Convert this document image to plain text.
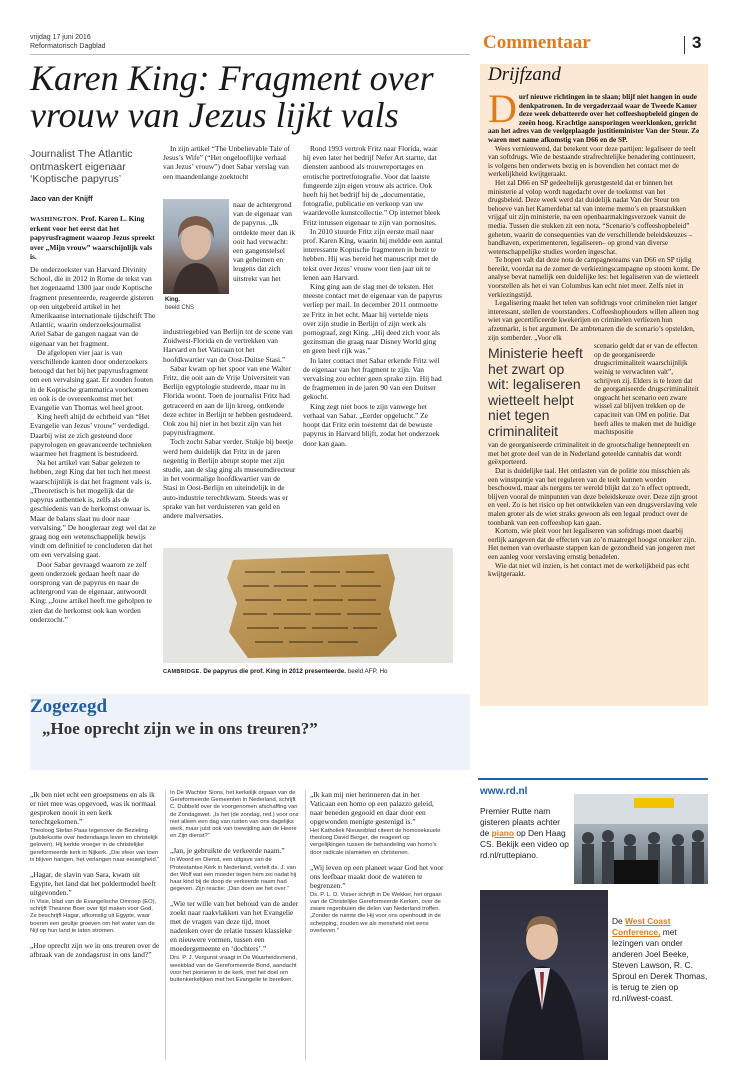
vrijdag 17 juni 2016
Reformatorisch Dagblad	Commentaar	3
Karen King: Fragment over vrouw van Jezus lijkt vals
Journalist The Atlantic ontmaskert eigenaar ‘Koptische papyrus’
Jaco van der Knijff

WASHINGTON. Prof. Karen L. King erkent voor het eerst dat het papyrusfragment waarop Jezus spreekt over „Mijn vrouw” waarschijnlijk vals is.

De onderzoekster van Harvard Divinity School, die in 2012 in Rome de tekst van het zogenaamd 1300 jaar oude Koptische fragment presenteerde, reageerde gisteren op een uitgebreid artikel in het Amerikaanse internationale tijdschrift The Atlantic, waarin onderzoeksjournalist Ariel Sabar de gangen nagaat van de eigenaar van het fragment.

De afgelopen vier jaar is van verschillende kanten door onderzoekers betoogd dat het bij het papyrusfragment om een vervalsing gaat. Er zouden fouten in de Koptische grammatica voorkomen en ook is de overeenkomst met het Evangelie van Thomas wel heel groot.

King heeft altijd de echtheid van “Het Evangelie van Jezus’ vrouw” verdedigd. Daarbij wist ze zich gesteund door papyrologen en geavanceerde technieken waarmee het fragment is bestudeerd.

Na het artikel van Sabar gelezen te hebben, zegt King dat het toch het meest waarschijnlijk is dat het fragment vals is. „Theoretisch is het mogelijk dat de papyrus authentiek is, zelfs als de geschiedenis van de herkomst onwaar is. Maar de balans slaat nu door naar vervalsing.” De hoogleraar zegt wel dat ze graag nog een wetenschappelijk bewijs vindt om definitief te concluderen dat het om een vervalsing gaat.

Door Sabar gevraagd waarom ze zelf geen onderzoek gedaan heeft naar de oorsprong van de papyrus en naar de achtergrond van de eigenaar, antwoordt King: „Jouw artikel heeft me geholpen te zien dat de herkomst ook kan worden onderzocht.”

In zijn artikel “The Unbelievable Tale of Jesus’s Wife” (“Het ongelooflijke verhaal van Jezus’ vrouw”) doet Sabar verslag van een maandenlange zoektocht

King.
beeld CNS

naar de achtergrond van de eigenaar van de papyrus. „Ik ontdekte meer dan ik ooit had verwacht: een gangenstelsel van geheimen en leugens dat zich uitstrekt van het

industriegebied van Berlijn tot de scene van Zuidwest-Florida en de vertrekken van Harvard en het Vaticaan tot het hoofdkwartier van de Oost-Duitse Stasi.”

Sabar kwam op het spoor van ene Walter Fritz, die ooit aan de Vrije Universiteit van Berlijn egyptologie studeerde, maar nu in Florida woont. Toen de journalist Fritz had getraceerd en aan de lijn kreeg, ontkende deze echter in Berlijn te hebben gestudeerd. Ook zou hij niet in het bezit zijn van het papyrusfragment.

Toch zocht Sabar verder. Stukje bij beetje werd hem duidelijk dat Fritz in de jaren negentig in Berlijn abrupt stopte met zijn studie, aan de slag ging als museumdirecteur in het voormalige hoofdkwartier van de Stasi in Oost-Berlijn en uiteindelijk in de auto-industrie terechtkwam. Steeds was er sprake van het verduisteren van geld en andere malversaties.

Rond 1993 vertrok Fritz naar Florida, waar hij even later het bedrijf Nefer Art startte, dat diensten aanbood als trouwreportages en erotische portretfotografie. Voor dat laatste fungeerde zijn eigen vrouw als actrice. Ook heeft hij het bedrijf bij de „documentatie, fotografie, publicatie en verkoop van uw waardevolle kunstcollectie.” Op internet bleek Fritz intussen eigenaar te zijn van pornosites.

In 2010 stuurde Fritz zijn eerste mail naar prof. Karen King, waarin hij meldde een aantal interessante Koptische fragmenten in bezit te hebben. Hij was bereid het manuscript met de tekst over Jezus’ vrouw voor tien jaar uit te lenen aan Harvard.

King ging aan de slag met de teksten. Het meeste contact met de eigenaar van de papyrus verliep per mail. In december 2011 ontmoette ze Fritz in het echt. Maar hij vertelde niets over zijn studie in Berlijn of zijn werk als pornograaf, zegt King. „Hij deed zich voor als gezinsman die graag naar Disney World ging en geen heel rijk was.”

In later contact met Sabar erkende Fritz wél de eigenaar van het fragment te zijn. Van vervalsing zou echter geen sprake zijn. Hij had de fragmenten in de jaren 90 van een Duitser gekocht.

King zegt niet boos te zijn vanwege het verhaal van Sabar. „Eerder opgelucht.” Ze hoopt dat Fritz erin toestemt dat de bewuste papyrus in Harvard blijft, zodat het onderzoek door kan gaan.

CAMBRIDGE. De papyrus die prof. King in 2012 presenteerde. beeld AFP, Ho
Drijfzand
D urf nieuwe richtingen in te slaan; blijf niet hangen in oude denkpatronen. In de vergaderzaal waar de Tweede Kamer deze week debatteerde over het coffeeshopbeleid gingen de zeeën hoog. Krachtige aansporingen weerklonken, gericht aan het adres van de veelgeplaagde justitieminister Van der Steur. Ze waren met name afkomstig van D66 en de SP.

Wees vernieuwend, dat betekent voor deze partijen: legaliseer de teelt van softdrugs. Wie de bestaande strafrechtelijke benadering continueert, is volgens hen onderwets bezig en is bovendien het contact met de werkelijkheid kwijtgeraakt.

Het zal D66 en SP gedeeltelijk gerustgesteld dat er binnen het ministerie al volop wordt nagedacht over de toekomst van het drugsbeleid. Deze week werd dat duidelijk nadat Van der Steur ten behoeve van het Kamerdebat tal van interne memo’s en praatstukken vrijgaf uit zijn ministerie, na een openbaarmakingsverzoek vanuit de media. Tussen die stukken zit een nota, “Scenario’s coffeeshopbeleid” geheten, waarin de consequenties van de verschillende beleidskeuzes –handhaven, experimenteren, legaliseren– op grond van diverse wetenschappelijke studies worden ingeschat.

Te hopen valt dat deze nota de campagneteams van D66 en SP tijdig bereikt, voordat na de zomer de verkiezingscampagne op stoom komt. De analyse bevat namelijk een duidelijke les: het legaliseren van de wietteelt voorstellen als het ei van Columbus kan echt niet meer. Zelfs niet in verkiezingstijd.

Legalisering maakt het telen van softdrugs voor criminelen niet langer interessant, stellen de voorstanders. Coffeeshophouders willen alleen nog wiet van gecertificeerde kwekerijen en criminelen verliezen hun afzetmarkt, is het argument. De ambtenaren die de scenario’s opstelden, zijn somberder. „Voor elk

Ministerie heeft het zwart op wit: legaliseren wietteelt helpt niet tegen criminaliteit

scenario geldt dat er van de effecten op de georganiseerde drugscriminaliteit waarschijnlijk weinig te verwachten valt”, schrijven zij. Elders is te lezen dat de georganiseerde drugscriminaliteit ongeacht het scenario een zware wissel zal blijven trekken op de capaciteit van OM en politie. Dat heeft alles te maken met de huidige machtspositie

van de georganiseerde criminaliteit in de grootschalige hennepteelt en met het grote deel van de in Nederland geteelde cannabis dat wordt geëxporteerd.

Dat is duidelijke taal. Het ontlasten van de politie zou misschien als een winstpuntje van het reguleren van de teelt kunnen worden beschouwd, maar als nergens ter wereld blijkt dat zo’n effect optreedt, blijven vooral de minpunten van deze beleidskeuze over. Deze zijn groot en veel. Zo is het risico op het ontwikkelen van een drugsverslaving vele malen groter als de wiet straks gewoon als een legaal product over de toonbank van een coffeeshop kan gaan.

Kortom, wie pleit voor het legaliseren van softdrugs moet daarbij eerlijk aangeven dat de effecten van zo’n maatregel hoogst onzeker zijn. Het nemen van overhaaste stappen kan de gezondheid van jongeren met een aanleg voor verslaving ernstig benadelen.

Wie dat niet wil inzien, is het contact met de werkelijkheid pas echt kwijtgeraakt.

Zogezegd
„Hoe oprecht zijn we in ons treuren?”
„Ik ben niet echt een groepsmens en als ik er niet mee was opgevoed, was ik normaal gesproken nooit in een kerk terechtgekomen.”
Theoloog Stefan Paas tegenover de Bezieling (publiekssite over hedendaags leven en christelijk geloven). Hij kerkte vroeger in de christelijke gereformeerde kerk in Nijkerk. „Die sfeer van toen is blijven hangen, het verlangen naar eeuwigheid.”
„Hagar, de slavin van Sara, kwam uit Egypte, het land dat het poldermodel heeft uitgevonden.”
In Visie, blad van de Evangelische Omroep (EO), schrijft Theanne Boer over tijd maken voor God. Ze beschrijft Hagar, afkomstig uit Egypte, waar boeren een geultje groeven om het water van de Nijl op hun land te laten stromen.
„Hoe oprecht zijn we in ons treuren over de afbraak van de zondagsrust in ons land?”
In De Wachter Sions, het kerkelijk orgaan van de Gereformeerde Gemeenten in Nederland, schrijft C. Dubbeld over de voorgenomen afschaffing van de Zondagswet. „Is het (de zondag, red.) voor ons niet alleen een dag van rusten van ons dagelijks werk, maar juist ook van toewijding aan de Heere en Zijn dienst?”
„Jan, je gebruikte de verkeerde naam.”
In Woord en Dienst, een uitgave van de Protestantse Kerk in Nederland, vertelt ds. J. van der Wolf wat een moeder tegen hem zei nadat hij haar kind bij de doop de verkeerde naam had gegeven. Zijn reactie: „Dan doen we het over.”
„Wie ter wille van het behoud van de ander zoekt naar raakvlakken van het Evangelie met de vragen van deze tijd, moet nadenken over de relatie tussen klassieke en nieuwere vormen, tussen een moedergemeente en ‘dochters’.”
Drs. P. J. Vergunst vraagt in De Waarheidsvriend, weekblad van de Gereformeerde Bond, aandacht voor het pionieren in de kerk, met het doel om buitenkerkelijken met het Evangelie te bereiken.
„Ik kan mij niet herinneren dat in het Vaticaan een homo op een palazzo geleid, naar beneden gegooid en daar door een opgewonden menigte gestenigd is.”
Het Katholiek Nieuwsblad citeert de homoseksuele theoloog David Berger, die reageert op vergelijkingen tussen de behandeling van homo’s door radicale islamieten en christenen.
„Wij leven op een planeet waar God het voor ons leefbaar maakt door de wateren te begrenzen.”
Ds. P. L. D. Visser schrijft in De Wekker, het orgaan van de Christelijke Gereformeerde Kerken, over de zware regenbuien die delen van Nederland troffen. „Zonder de ruimte die Hij voor ons openhoudt in de schepping, zouden we als mensheid niet eens overleven.”
www.rd.nl
Premier Rutte nam gisteren plaats achter de piano op Den Haag CS. Bekijk een video op rd.nl/ruttepiano.
De West Coast Conference, met lezingen van onder anderen Joel Beeke, Steven Lawson, R. C. Sproul en Derek Thomas, is terug te zien op rd.nl/west-coast.
